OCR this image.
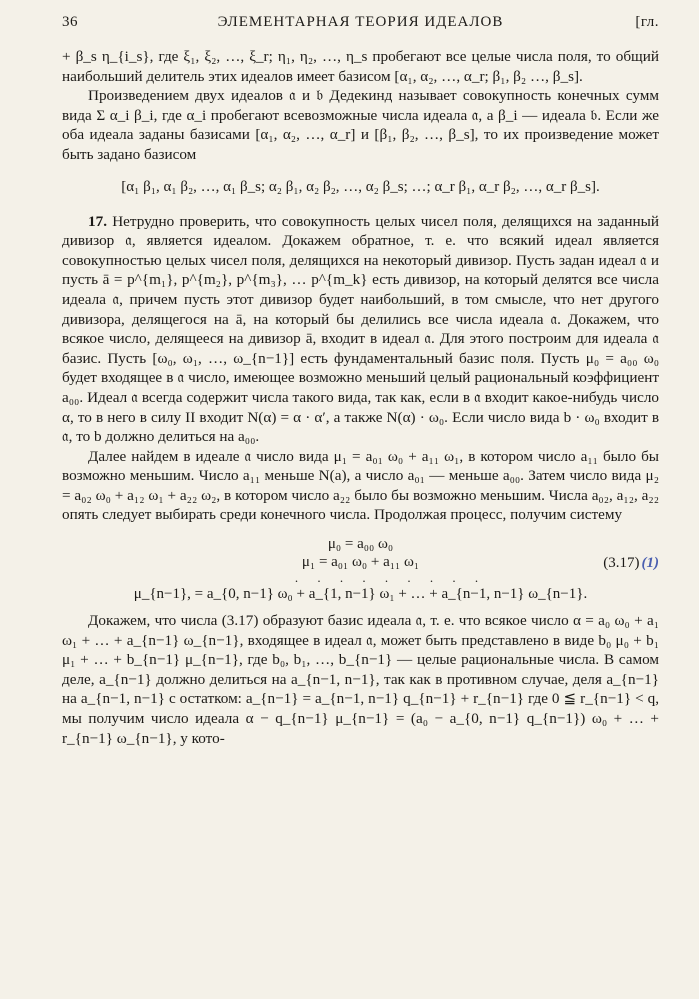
36	ЭЛЕМЕНТАРНАЯ ТЕОРИЯ ИДЕАЛОВ	[гл.

+ β_s η_{i_s}, где ξ₁, ξ₂, …, ξ_r; η₁, η₂, …, η_s пробегают все целые числа поля, то общий наибольший делитель этих идеалов имеет базисом [α₁, α₂, …, α_r; β₁, β₂ …, β_s].

Произведением двух идеалов 𝔞 и 𝔟 Дедекинд называет совокупность конечных сумм вида Σ α_i β_i, где α_i пробегают всевозможные числа идеала 𝔞, а β_i — идеала 𝔟. Если же оба идеала заданы базисами [α₁, α₂, …, α_r] и [β₁, β₂, …, β_s], то их произведение может быть задано базисом

[α₁ β₁, α₁ β₂, …, α₁ β_s; α₂ β₁, α₂ β₂, …, α₂ β_s; …; α_r β₁, α_r β₂, …, α_r β_s].

17. Нетрудно проверить, что совокупность целых чисел поля, делящихся на заданный дивизор 𝔞, является идеалом. Докажем обратное, т. е. что всякий идеал является совокупностью целых чисел поля, делящихся на некоторый дивизор. Пусть задан идеал 𝔞 и пусть ā = p^{m₁}, p^{m₂}, p^{m₃}, … p^{m_k} есть дивизор, на который делятся все числа идеала 𝔞, причем пусть этот дивизор будет наибольший, в том смысле, что нет другого дивизора, делящегося на ā, на который бы делились все числа идеала 𝔞. Докажем, что всякое число, делящееся на дивизор ā, входит в идеал 𝔞. Для этого построим для идеала 𝔞 базис. Пусть [ω₀, ω₁, …, ω_{n−1}] есть фундаментальный базис поля. Пусть μ₀ = a₀₀ ω₀ будет входящее в 𝔞 число, имеющее возможно меньший целый рациональный коэффициент a₀₀. Идеал 𝔞 всегда содержит числа такого вида, так как, если в 𝔞 входит какое-нибудь число α, то в него в силу II входит N(α) = α · α′, а также N(α) · ω₀. Если число вида b · ω₀ входит в 𝔞, то b должно делиться на a₀₀.

Далее найдем в идеале 𝔞 число вида μ₁ = a₀₁ ω₀ + a₁₁ ω₁, в котором число a₁₁ было бы возможно меньшим. Число a₁₁ меньше N(a), а число a₀₁ — меньше a₀₀. Затем число вида μ₂ = a₀₂ ω₀ + a₁₂ ω₁ + a₂₂ ω₂, в котором число a₂₂ было бы возможно меньшим. Числа a₀₂, a₁₂, a₂₂ опять следует выбирать среди конечного числа. Продолжая процесс, получим систему

μ₀ = a₀₀ ω₀
μ₁ = a₀₁ ω₀ + a₁₁ ω₁
. . . . . . . . .
μ_{n−1}, = a_{0, n−1} ω₀ + a_{1, n−1} ω₁ + … + a_{n−1, n−1} ω_{n−1}.
(3.17) (1)

Докажем, что числа (3.17) образуют базис идеала 𝔞, т. е. что всякое число α = a₀ ω₀ + a₁ ω₁ + … + a_{n−1} ω_{n−1}, входящее в идеал 𝔞, может быть представлено в виде b₀ μ₀ + b₁ μ₁ + … + b_{n−1} μ_{n−1}, где b₀, b₁, …, b_{n−1} — целые рациональные числа. В самом деле, a_{n−1} должно делиться на a_{n−1, n−1}, так как в противном случае, деля a_{n−1} на a_{n−1, n−1} с остатком: a_{n−1} = a_{n−1, n−1} q_{n−1} + r_{n−1} где 0 ≦ r_{n−1} < q, мы получим число идеала α − q_{n−1} μ_{n−1} = (a₀ − a_{0, n−1} q_{n−1}) ω₀ + … + r_{n−1} ω_{n−1}, у кото-
